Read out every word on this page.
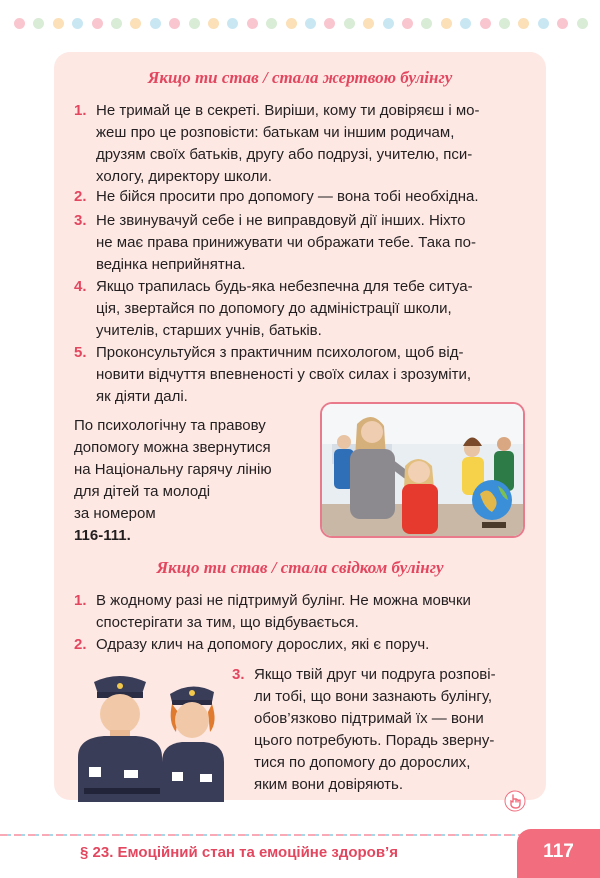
Якщо ти став / стала жертвою булінгу
1. Не тримай це в секреті. Виріши, кому ти довіряєш і мо-
жеш про це розповісти: батькам чи іншим родичам,
друзям своїх батьків, другу або подрузі, учителю, пси-
хологу, директору школи.
2. Не бійся просити про допомогу — вона тобі необхідна.
3. Не звинувачуй себе і не виправдовуй дії інших. Ніхто
не має права принижувати чи ображати тебе. Така по-
ведінка неприйнятна.
4. Якщо трапилась будь-яка небезпечна для тебе ситуа-
ція, звертайся по допомогу до адміністрації школи,
учителів, старших учнів, батьків.
5. Проконсультуйся з практичним психологом, щоб від-
новити відчуття впевненості у своїх силах і зрозуміти,
як діяти далі.
По психологічну та правову
допомогу можна звернутися
на Національну гарячу лінію
для дітей та молоді
за номером
116-111.
Якщо ти став / стала свідком булінгу
1. В жодному разі не підтримуй булінг. Не можна мовчки
спостерігати за тим, що відбувається.
2. Одразу клич на допомогу дорослих, які є поруч.
3. Якщо твій друг чи подруга розпові-
ли тобі, що вони зазнають булінгу,
обов’язково підтримай їх — вони
цього потребують. Порадь зверну-
тися по допомогу до дорослих,
яким вони довіряють.
§ 23. Емоційний стан та емоційне здоров’я	117
